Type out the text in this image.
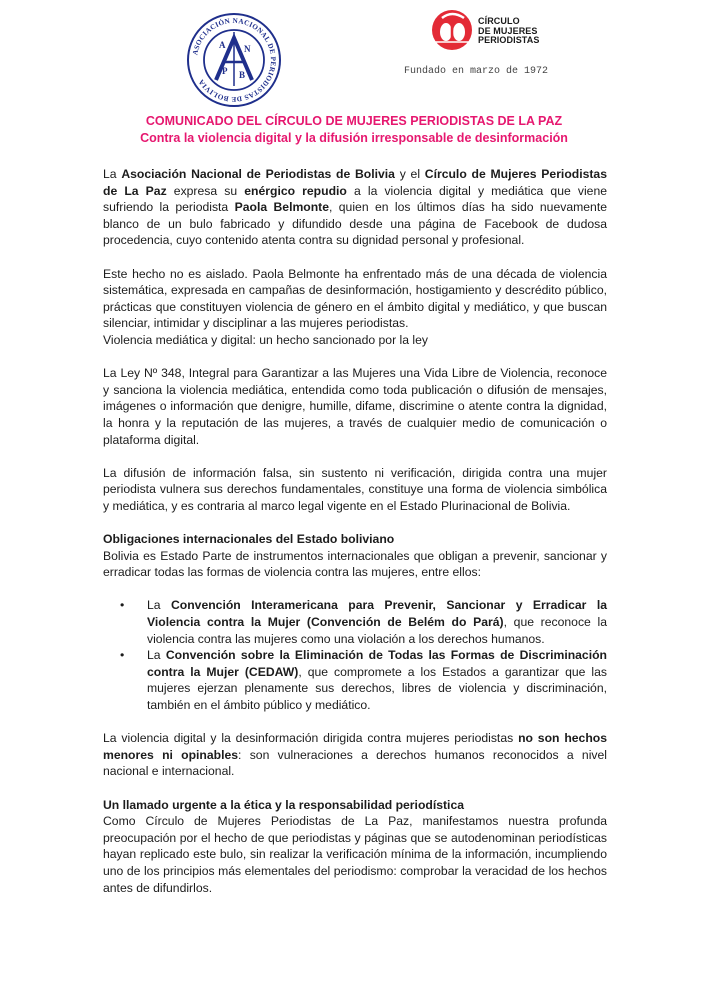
ASOCIACIÓN NACIONAL DE PERIODISTAS DE BOLIVIA
A N
P B
CÍRCULO
DE MUJERES
PERIODISTAS
Fundado en marzo de 1972
COMUNICADO DEL CÍRCULO DE MUJERES PERIODISTAS DE LA PAZ
Contra la violencia digital y la difusión irresponsable de desinformación

La Asociación Nacional de Periodistas de Bolivia y el Círculo de Mujeres Periodistas de La Paz expresa su enérgico repudio a la violencia digital y mediática que viene sufriendo la periodista Paola Belmonte, quien en los últimos días ha sido nuevamente blanco de un bulo fabricado y difundido desde una página de Facebook de dudosa procedencia, cuyo contenido atenta contra su dignidad personal y profesional.

Este hecho no es aislado. Paola Belmonte ha enfrentado más de una década de violencia sistemática, expresada en campañas de desinformación, hostigamiento y descrédito público, prácticas que constituyen violencia de género en el ámbito digital y mediático, y que buscan silenciar, intimidar y disciplinar a las mujeres periodistas.

Violencia mediática y digital: un hecho sancionado por la ley

La Ley Nº 348, Integral para Garantizar a las Mujeres una Vida Libre de Violencia, reconoce y sanciona la violencia mediática, entendida como toda publicación o difusión de mensajes, imágenes o información que denigre, humille, difame, discrimine o atente contra la dignidad, la honra y la reputación de las mujeres, a través de cualquier medio de comunicación o plataforma digital.

La difusión de información falsa, sin sustento ni verificación, dirigida contra una mujer periodista vulnera sus derechos fundamentales, constituye una forma de violencia simbólica y mediática, y es contraria al marco legal vigente en el Estado Plurinacional de Bolivia.

Obligaciones internacionales del Estado boliviano

Bolivia es Estado Parte de instrumentos internacionales que obligan a prevenir, sancionar y erradicar todas las formas de violencia contra las mujeres, entre ellos:

• La Convención Interamericana para Prevenir, Sancionar y Erradicar la Violencia contra la Mujer (Convención de Belém do Pará), que reconoce la violencia contra las mujeres como una violación a los derechos humanos.
• La Convención sobre la Eliminación de Todas las Formas de Discriminación contra la Mujer (CEDAW), que compromete a los Estados a garantizar que las mujeres ejerzan plenamente sus derechos, libres de violencia y discriminación, también en el ámbito público y mediático.

La violencia digital y la desinformación dirigida contra mujeres periodistas no son hechos menores ni opinables: son vulneraciones a derechos humanos reconocidos a nivel nacional e internacional.

Un llamado urgente a la ética y la responsabilidad periodística

Como Círculo de Mujeres Periodistas de La Paz, manifestamos nuestra profunda preocupación por el hecho de que periodistas y páginas que se autodenominan periodísticas hayan replicado este bulo, sin realizar la verificación mínima de la información, incumpliendo uno de los principios más elementales del periodismo: comprobar la veracidad de los hechos antes de difundirlos.
